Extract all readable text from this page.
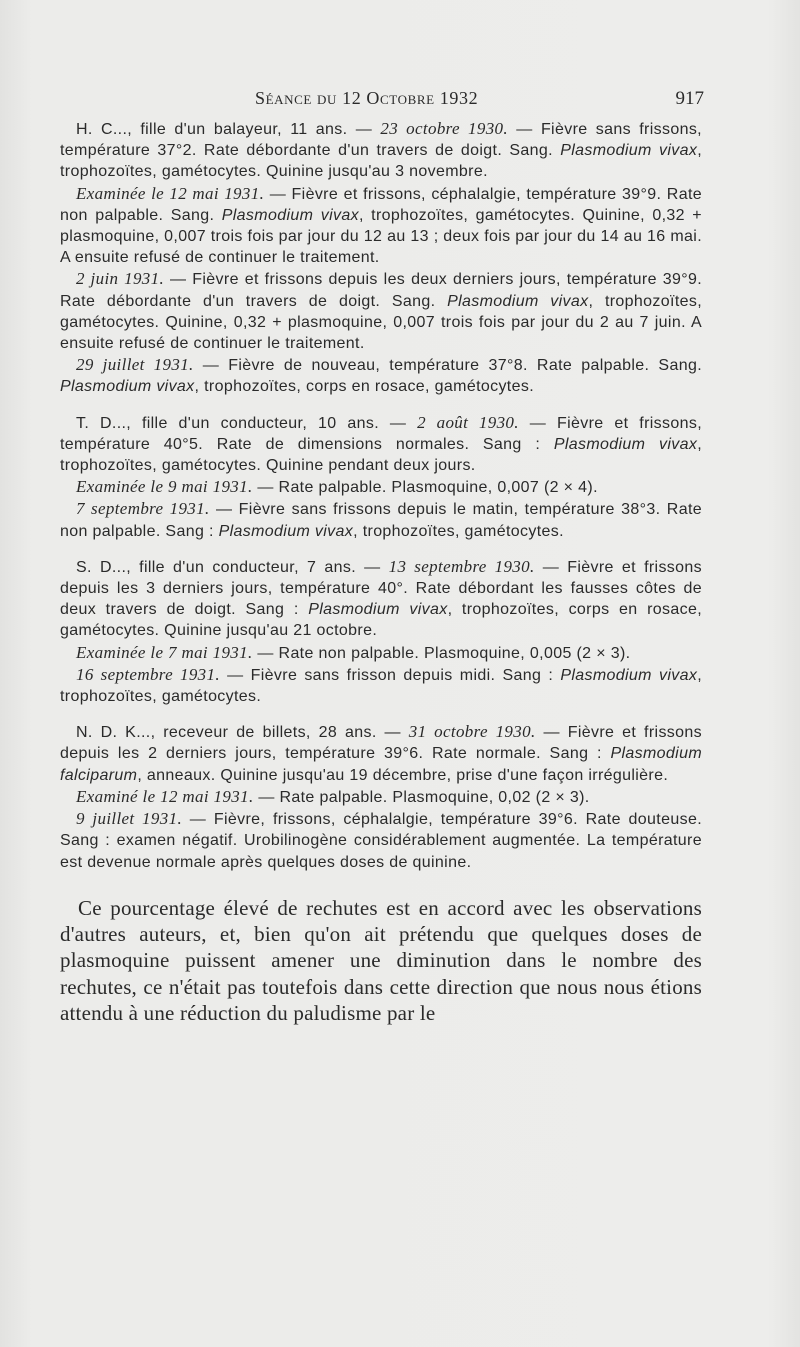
Séance du 12 Octobre 1932	917

H. C..., fille d'un balayeur, 11 ans. — 23 octobre 1930. — Fièvre sans frissons, température 37°2. Rate débordante d'un travers de doigt. Sang. Plasmodium vivax, trophozoïtes, gamétocytes. Quinine jusqu'au 3 novembre.

Examinée le 12 mai 1931. — Fièvre et frissons, céphalalgie, température 39°9. Rate non palpable. Sang. Plasmodium vivax, trophozoïtes, gamétocytes. Quinine, 0,32 + plasmoquine, 0,007 trois fois par jour du 12 au 13 ; deux fois par jour du 14 au 16 mai. A ensuite refusé de continuer le traitement.

2 juin 1931. — Fièvre et frissons depuis les deux derniers jours, température 39°9. Rate débordante d'un travers de doigt. Sang. Plasmodium vivax, trophozoïtes, gamétocytes. Quinine, 0,32 + plasmoquine, 0,007 trois fois par jour du 2 au 7 juin. A ensuite refusé de continuer le traitement.

29 juillet 1931. — Fièvre de nouveau, température 37°8. Rate palpable. Sang. Plasmodium vivax, trophozoïtes, corps en rosace, gamétocytes.

T. D..., fille d'un conducteur, 10 ans. — 2 août 1930. — Fièvre et frissons, température 40°5. Rate de dimensions normales. Sang : Plasmodium vivax, trophozoïtes, gamétocytes. Quinine pendant deux jours.

Examinée le 9 mai 1931. — Rate palpable. Plasmoquine, 0,007 (2 × 4).

7 septembre 1931. — Fièvre sans frissons depuis le matin, température 38°3. Rate non palpable. Sang : Plasmodium vivax, trophozoïtes, gamétocytes.

S. D..., fille d'un conducteur, 7 ans. — 13 septembre 1930. — Fièvre et frissons depuis les 3 derniers jours, température 40°. Rate débordant les fausses côtes de deux travers de doigt. Sang : Plasmodium vivax, trophozoïtes, corps en rosace, gamétocytes. Quinine jusqu'au 21 octobre.

Examinée le 7 mai 1931. — Rate non palpable. Plasmoquine, 0,005 (2 × 3).

16 septembre 1931. — Fièvre sans frisson depuis midi. Sang : Plasmodium vivax, trophozoïtes, gamétocytes.

N. D. K..., receveur de billets, 28 ans. — 31 octobre 1930. — Fièvre et frissons depuis les 2 derniers jours, température 39°6. Rate normale. Sang : Plasmodium falciparum, anneaux. Quinine jusqu'au 19 décembre, prise d'une façon irrégulière.

Examiné le 12 mai 1931. — Rate palpable. Plasmoquine, 0,02 (2 × 3).

9 juillet 1931. — Fièvre, frissons, céphalalgie, température 39°6. Rate douteuse. Sang : examen négatif. Urobilinogène considérablement augmentée. La température est devenue normale après quelques doses de quinine.

Ce pourcentage élevé de rechutes est en accord avec les observations d'autres auteurs, et, bien qu'on ait prétendu que quelques doses de plasmoquine puissent amener une diminution dans le nombre des rechutes, ce n'était pas toutefois dans cette direction que nous nous étions attendu à une réduction du paludisme par le
